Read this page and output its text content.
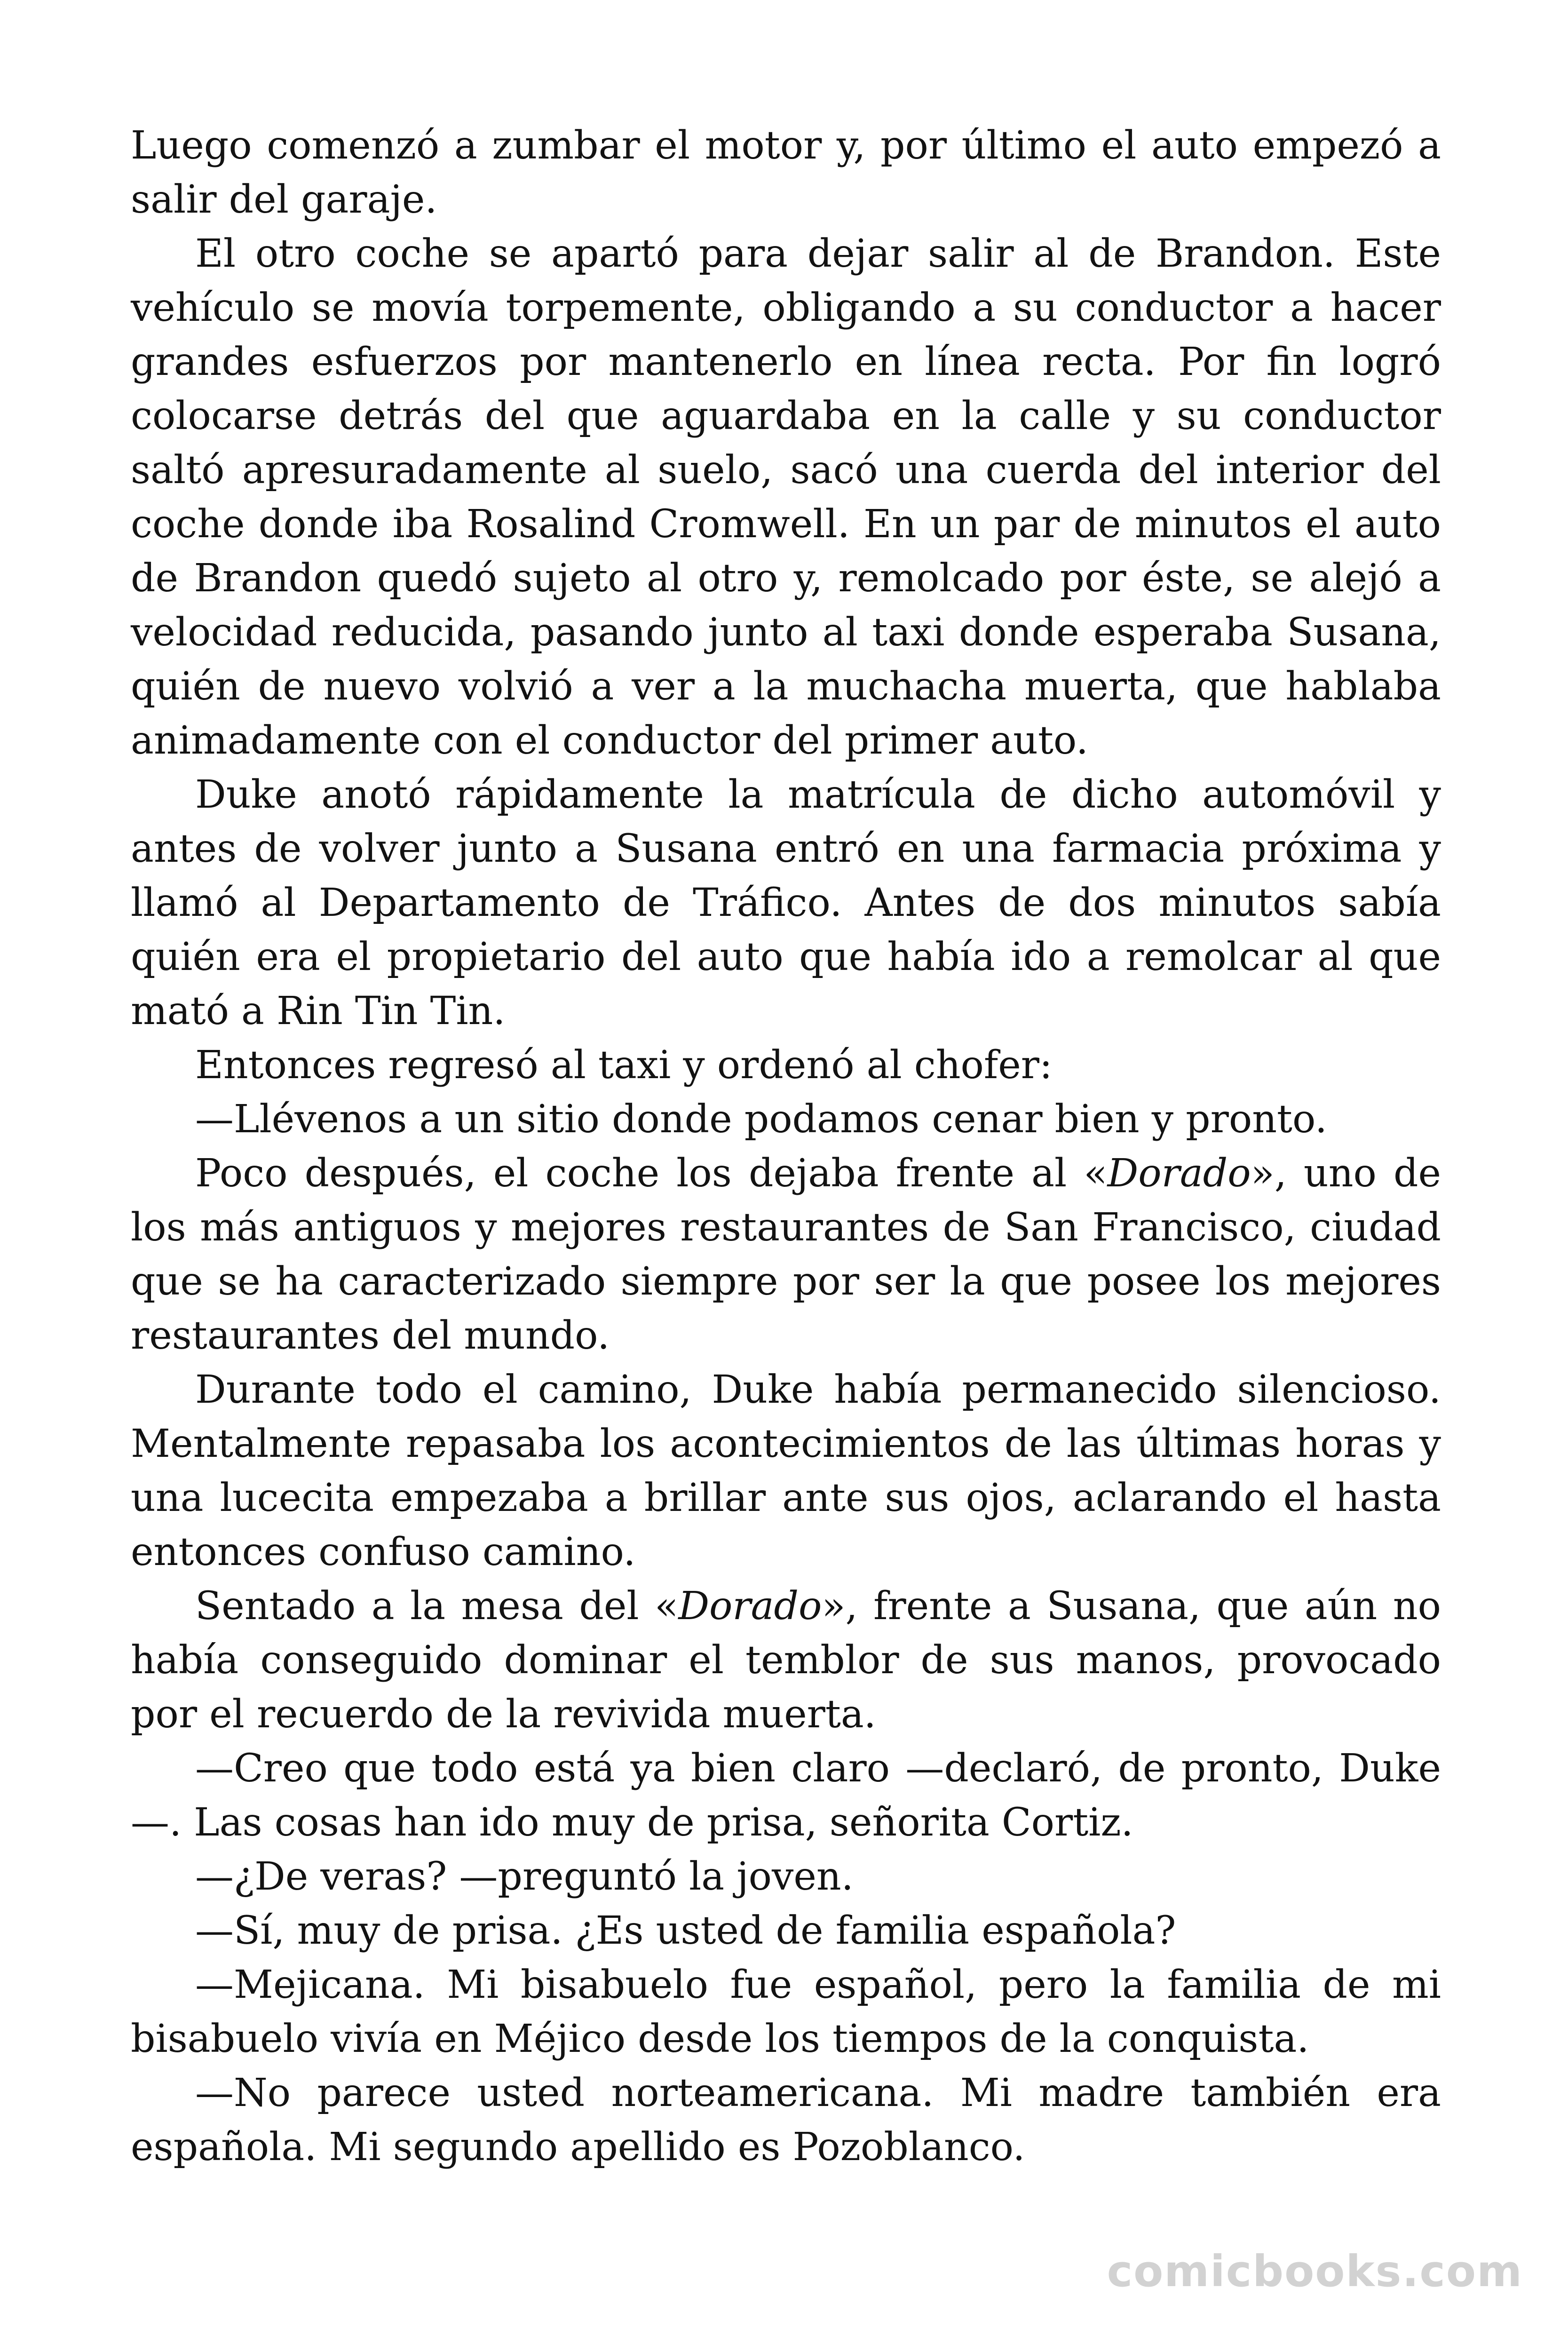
Luego comenzó a zumbar el motor y, por último el auto empezó a salir del garaje.

El otro coche se apartó para dejar salir al de Brandon. Este vehículo se movía torpemente, obligando a su conductor a hacer grandes esfuerzos por mantenerlo en línea recta. Por fin logró colocarse detrás del que aguardaba en la calle y su conductor saltó apresuradamente al suelo, sacó una cuerda del interior del coche donde iba Rosalind Cromwell. En un par de minutos el auto de Brandon quedó sujeto al otro y, remolcado por éste, se alejó a velocidad reducida, pasando junto al taxi donde esperaba Susana, quién de nuevo volvió a ver a la muchacha muerta, que hablaba animadamente con el conductor del primer auto.

Duke anotó rápidamente la matrícula de dicho automóvil y antes de volver junto a Susana entró en una farmacia próxima y llamó al Departamento de Tráfico. Antes de dos minutos sabía quién era el propietario del auto que había ido a remolcar al que mató a Rin Tin Tin.

Entonces regresó al taxi y ordenó al chofer:

—Llévenos a un sitio donde podamos cenar bien y pronto.

Poco después, el coche los dejaba frente al «Dorado», uno de los más antiguos y mejores restaurantes de San Francisco, ciudad que se ha caracterizado siempre por ser la que posee los mejores restaurantes del mundo.

Durante todo el camino, Duke había permanecido silencioso. Mentalmente repasaba los acontecimientos de las últimas horas y una lucecita empezaba a brillar ante sus ojos, aclarando el hasta entonces confuso camino.

Sentado a la mesa del «Dorado», frente a Susana, que aún no había conseguido dominar el temblor de sus manos, provocado por el recuerdo de la revivida muerta.

—Creo que todo está ya bien claro —declaró, de pronto, Duke —. Las cosas han ido muy de prisa, señorita Cortiz.

—¿De veras? —preguntó la joven.

—Sí, muy de prisa. ¿Es usted de familia española?

—Mejicana. Mi bisabuelo fue español, pero la familia de mi bisabuelo vivía en Méjico desde los tiempos de la conquista.

—No parece usted norteamericana. Mi madre también era española. Mi segundo apellido es Pozoblanco.

comicbooks.com
